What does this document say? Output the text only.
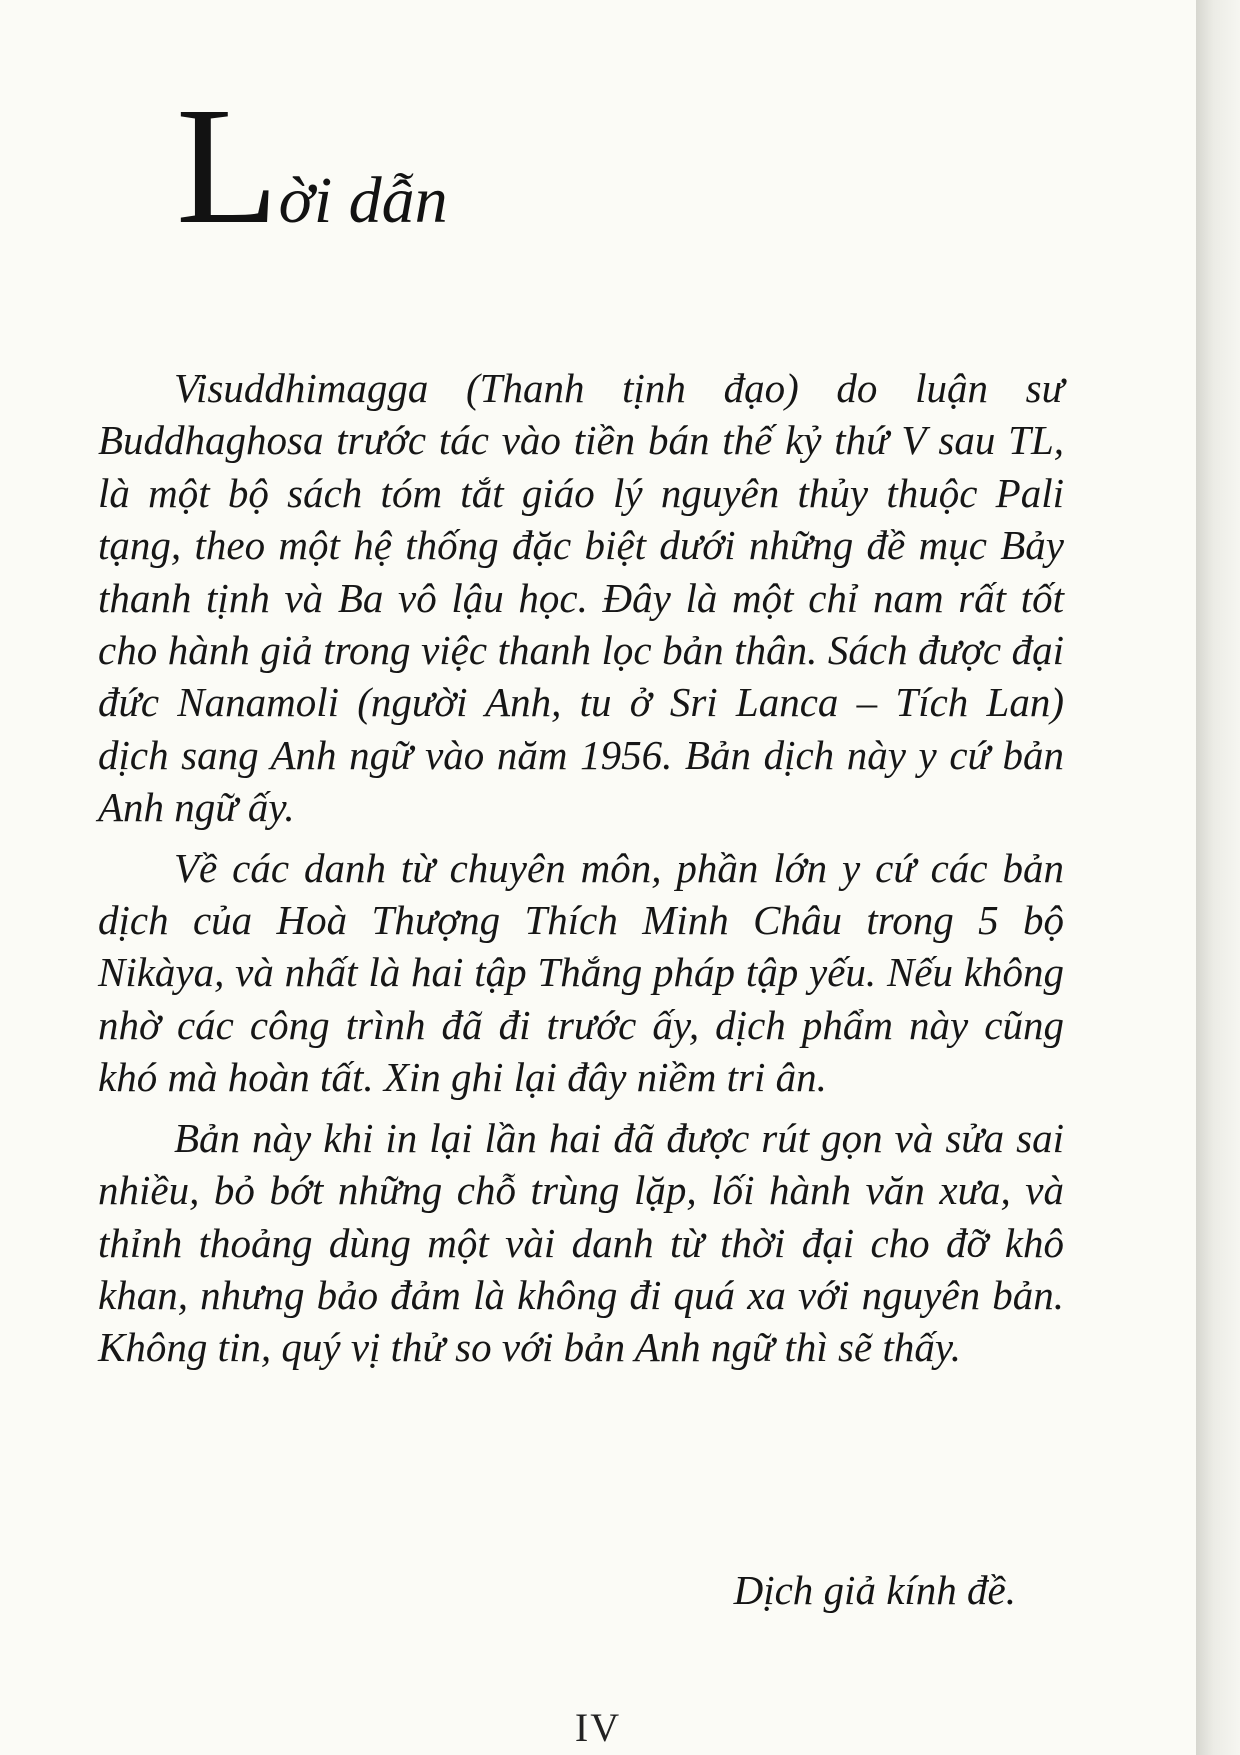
Lời dẫn

Visuddhimagga (Thanh tịnh đạo) do luận sư Buddhaghosa trước tác vào tiền bán thế kỷ thứ V sau TL, là một bộ sách tóm tắt giáo lý nguyên thủy thuộc Pali tạng, theo một hệ thống đặc biệt dưới những đề mục Bảy thanh tịnh và Ba vô lậu học. Đây là một chỉ nam rất tốt cho hành giả trong việc thanh lọc bản thân. Sách được đại đức Nanamoli (người Anh, tu ở Sri Lanca – Tích Lan) dịch sang Anh ngữ vào năm 1956. Bản dịch này y cứ bản Anh ngữ ấy.

Về các danh từ chuyên môn, phần lớn y cứ các bản dịch của Hoà Thượng Thích Minh Châu trong 5 bộ Nikàya, và nhất là hai tập Thắng pháp tập yếu. Nếu không nhờ các công trình đã đi trước ấy, dịch phẩm này cũng khó mà hoàn tất. Xin ghi lại đây niềm tri ân.

Bản này khi in lại lần hai đã được rút gọn và sửa sai nhiều, bỏ bớt những chỗ trùng lặp, lối hành văn xưa, và thỉnh thoảng dùng một vài danh từ thời đại cho đỡ khô khan, nhưng bảo đảm là không đi quá xa với nguyên bản. Không tin, quý vị thử so với bản Anh ngữ thì sẽ thấy.

Dịch giả kính đề.
IV
